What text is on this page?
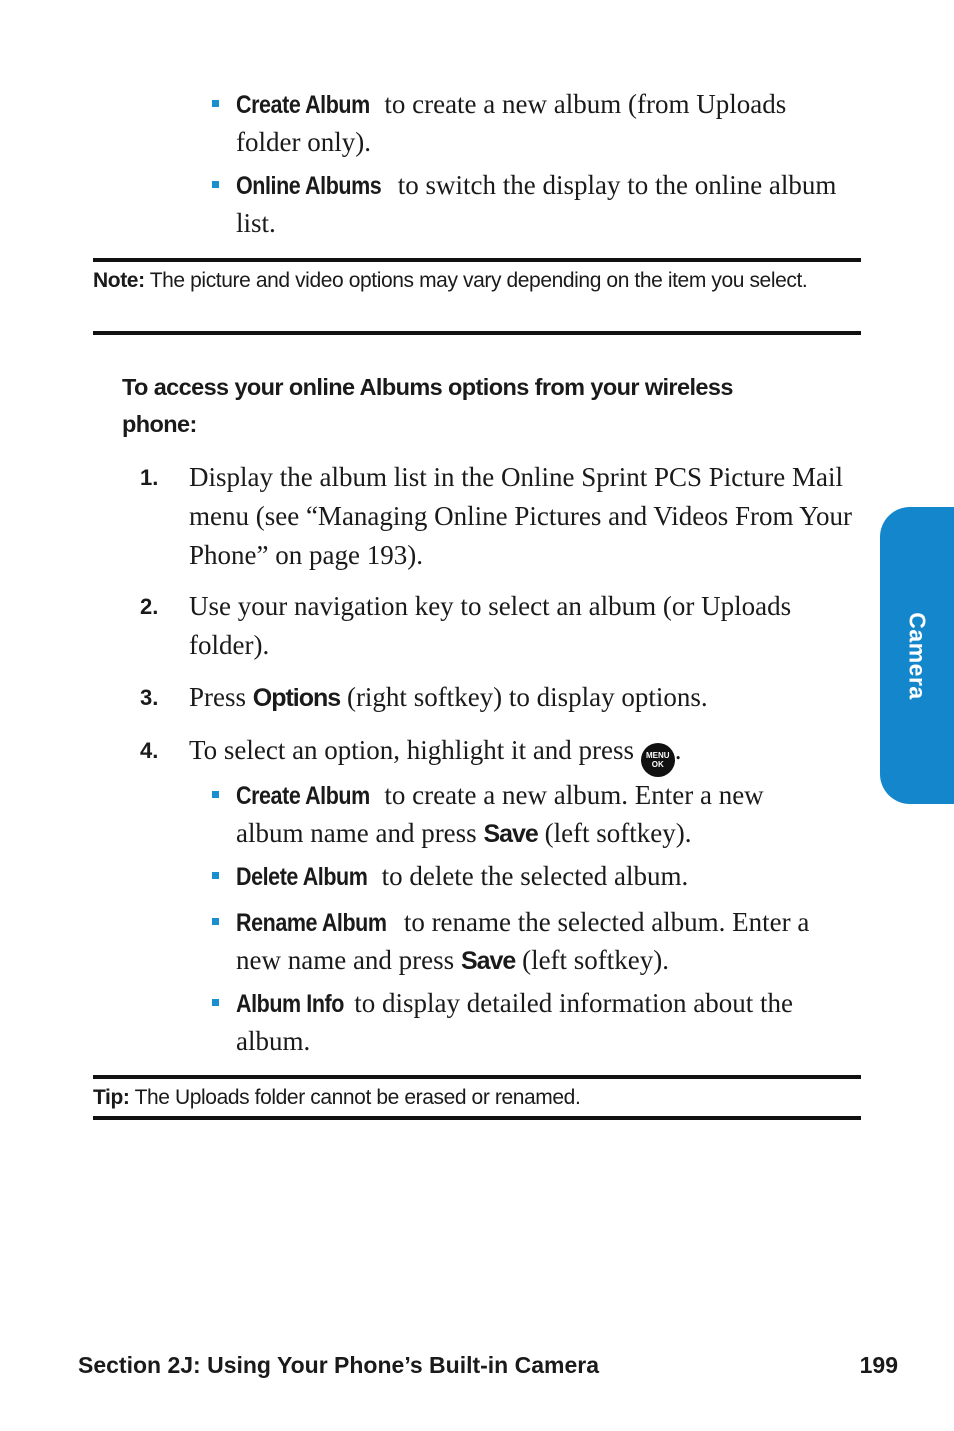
Create Album to create a new album (from Uploads folder only).
Online Albums to switch the display to the online album list.
Note: The picture and video options may vary depending on the item you select.
To access your online Albums options from your wireless phone:
1.	Display the album list in the Online Sprint PCS Picture Mail menu (see “Managing Online Pictures and Videos From Your Phone” on page 193).
2.	Use your navigation key to select an album (or Uploads folder).
3.	Press Options (right softkey) to display options.
4.	To select an option, highlight it and press MENU
OK .
Create Album to create a new album. Enter a new album name and press Save (left softkey).
Delete Album to delete the selected album.
Rename Album to rename the selected album. Enter a new name and press Save (left softkey).
Album Info to display detailed information about the album.
Tip: The Uploads folder cannot be erased or renamed.
Camera
Section 2J: Using Your Phone’s Built-in Camera	199
